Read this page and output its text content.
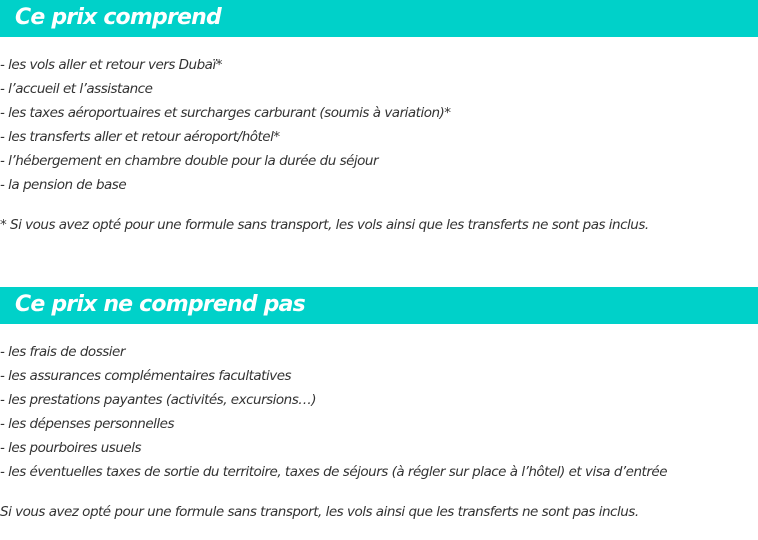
Ce prix comprend
- les vols aller et retour vers Dubaï*
- l’accueil et l’assistance
- les taxes aéroportuaires et surcharges carburant (soumis à variation)*
- les transferts aller et retour aéroport/hôtel*
- l’hébergement en chambre double pour la durée du séjour
- la pension de base
* Si vous avez opté pour une formule sans transport, les vols ainsi que les transferts ne sont pas inclus.
Ce prix ne comprend pas
- les frais de dossier
- les assurances complémentaires facultatives
- les prestations payantes (activités, excursions…)
- les dépenses personnelles
- les pourboires usuels
- les éventuelles taxes de sortie du territoire, taxes de séjours (à régler sur place à l’hôtel) et visa d’entrée
Si vous avez opté pour une formule sans transport, les vols ainsi que les transferts ne sont pas inclus.
